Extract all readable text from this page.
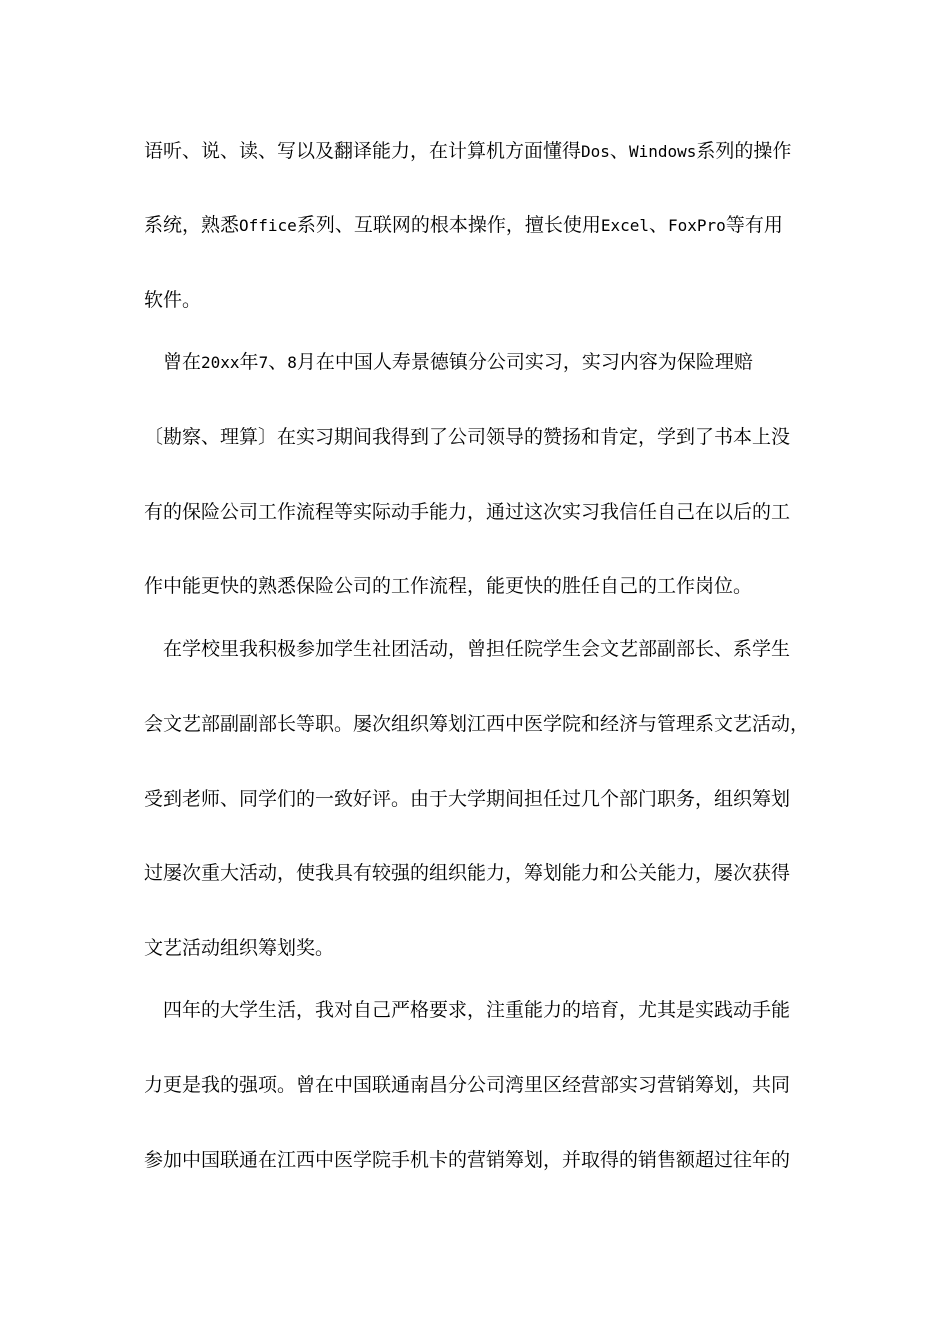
语听、说、读、写以及翻译能力，在计算机方面懂得Dos、Windows系列的操作
系统，熟悉Office系列、互联网的根本操作，擅长使用Excel、FoxPro等有用
软件。
曾在20xx年7、8月在中国人寿景德镇分公司实习，实习内容为保险理赔
〔勘察、理算〕在实习期间我得到了公司领导的赞扬和肯定，学到了书本上没
有的保险公司工作流程等实际动手能力，通过这次实习我信任自己在以后的工
作中能更快的熟悉保险公司的工作流程，能更快的胜任自己的工作岗位。
在学校里我积极参加学生社团活动，曾担任院学生会文艺部副部长、系学生
会文艺部副副部长等职。屡次组织筹划江西中医学院和经济与管理系文艺活动，
受到老师、同学们的一致好评。由于大学期间担任过几个部门职务，组织筹划
过屡次重大活动，使我具有较强的组织能力，筹划能力和公关能力，屡次获得
文艺活动组织筹划奖。
四年的大学生活，我对自己严格要求，注重能力的培育，尤其是实践动手能
力更是我的强项。曾在中国联通南昌分公司湾里区经营部实习营销筹划，共同
参加中国联通在江西中医学院手机卡的营销筹划，并取得的销售额超过往年的
